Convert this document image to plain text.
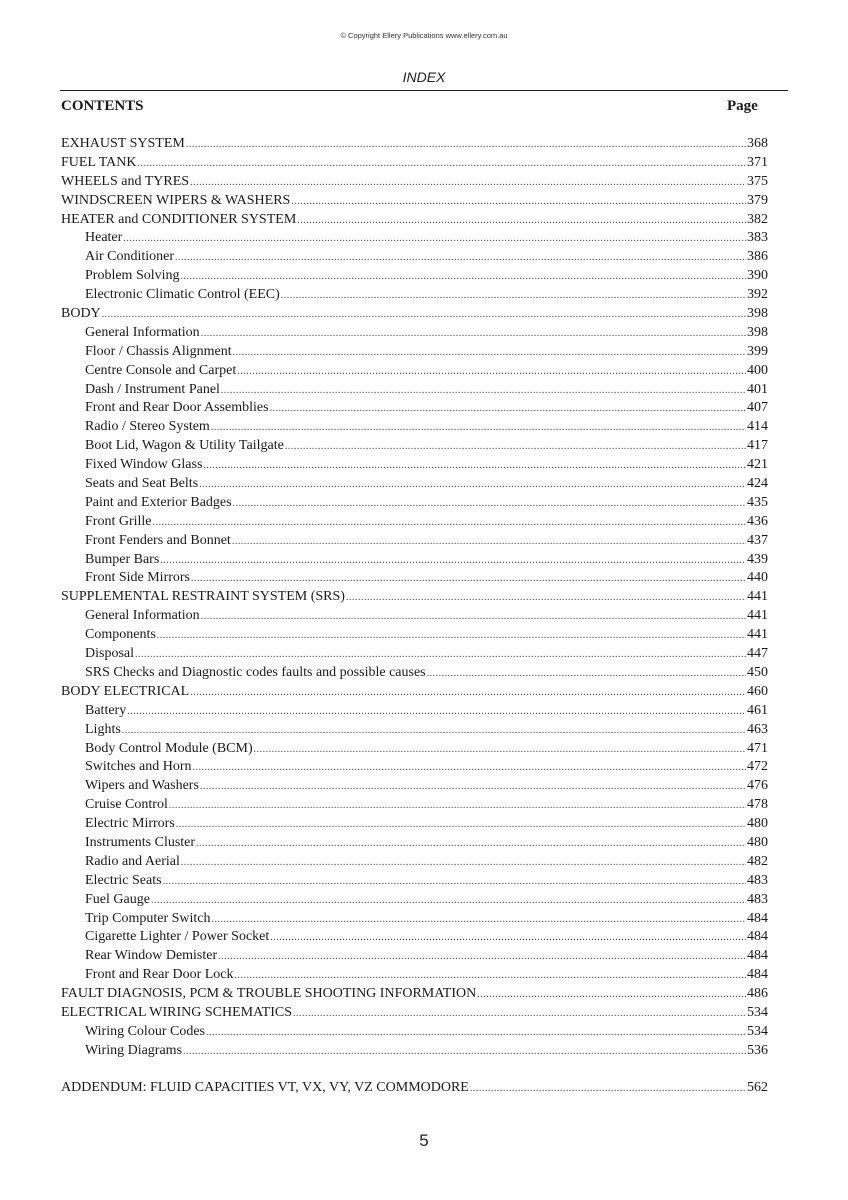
© Copyright Ellery Publications www.ellery.com.au
INDEX
CONTENTS	Page
EXHAUST SYSTEM .....	368
FUEL TANK .....	371
WHEELS and TYRES .....	375
WINDSCREEN WIPERS & WASHERS .....	379
HEATER and CONDITIONER SYSTEM .....	382
Heater .....	383
Air Conditioner .....	386
Problem Solving .....	390
Electronic Climatic Control (EEC) .....	392
BODY .....	398
General Information .....	398
Floor / Chassis Alignment .....	399
Centre Console and Carpet .....	400
Dash / Instrument Panel .....	401
Front and Rear Door Assemblies .....	407
Radio / Stereo System .....	414
Boot Lid, Wagon & Utility Tailgate .....	417
Fixed Window Glass .....	421
Seats and Seat Belts .....	424
Paint and Exterior Badges .....	435
Front Grille .....	436
Front Fenders and Bonnet .....	437
Bumper Bars .....	439
Front Side Mirrors .....	440
SUPPLEMENTAL RESTRAINT SYSTEM (SRS) .....	441
General Information .....	441
Components .....	441
Disposal .....	447
SRS Checks and Diagnostic codes faults and possible causes .....	450
BODY ELECTRICAL .....	460
Battery .....	461
Lights .....	463
Body Control Module (BCM) .....	471
Switches and Horn .....	472
Wipers and Washers .....	476
Cruise Control .....	478
Electric Mirrors .....	480
Instruments Cluster .....	480
Radio and Aerial .....	482
Electric Seats .....	483
Fuel Gauge .....	483
Trip Computer Switch .....	484
Cigarette Lighter / Power Socket .....	484
Rear Window Demister .....	484
Front and Rear Door Lock .....	484
FAULT DIAGNOSIS, PCM & TROUBLE SHOOTING INFORMATION .....	486
ELECTRICAL WIRING SCHEMATICS .....	534
Wiring Colour Codes .....	534
Wiring Diagrams .....	536
ADDENDUM: FLUID CAPACITIES VT, VX, VY, VZ COMMODORE .....	562
5
